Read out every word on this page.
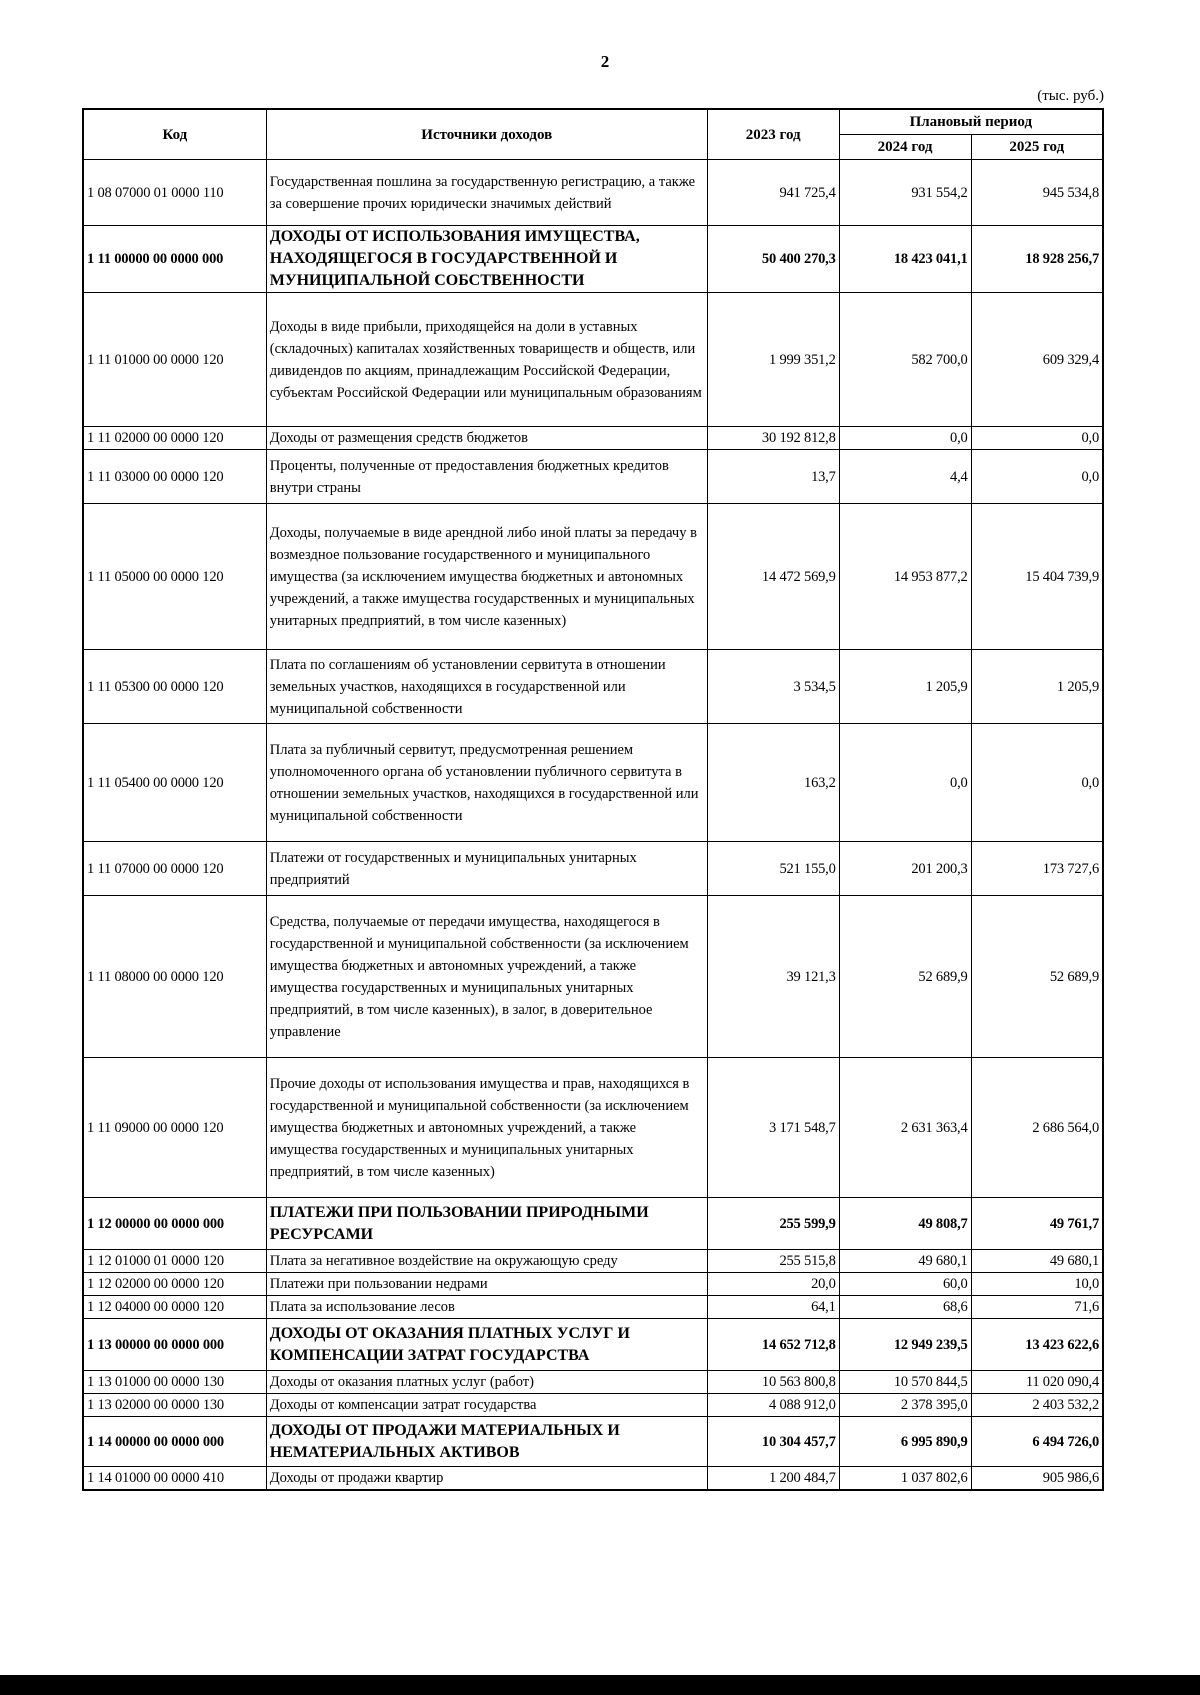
2
(тыс. руб.)
Код	Источники доходов	2023 год	Плановый период	
			2024 год	2025 год
1 08 07000 01 0000 110	Государственная пошлина за государственную регистрацию, а также за совершение прочих юридически значимых действий	941 725,4	931 554,2	945 534,8
1 11 00000 00 0000 000	ДОХОДЫ ОТ ИСПОЛЬЗОВАНИЯ ИМУЩЕСТВА, НАХОДЯЩЕГОСЯ В ГОСУДАРСТВЕННОЙ И МУНИЦИПАЛЬНОЙ СОБСТВЕННОСТИ	50 400 270,3	18 423 041,1	18 928 256,7
1 11 01000 00 0000 120	Доходы в виде прибыли, приходящейся на доли в уставных (складочных) капиталах хозяйственных товариществ и обществ, или дивидендов по акциям, принадлежащим Российской Федерации, субъектам Российской Федерации или муниципальным образованиям	1 999 351,2	582 700,0	609 329,4
1 11 02000 00 0000 120	Доходы от размещения средств бюджетов	30 192 812,8	0,0	0,0
1 11 03000 00 0000 120	Проценты, полученные от предоставления бюджетных кредитов внутри страны	13,7	4,4	0,0
1 11 05000 00 0000 120	Доходы, получаемые в виде арендной либо иной платы за передачу в возмездное пользование государственного и муниципального имущества (за исключением имущества бюджетных и автономных учреждений, а также имущества государственных и муниципальных унитарных предприятий, в том числе казенных)	14 472 569,9	14 953 877,2	15 404 739,9
1 11 05300 00 0000 120	Плата по соглашениям об установлении сервитута в отношении земельных участков, находящихся в государственной или муниципальной собственности	3 534,5	1 205,9	1 205,9
1 11 05400 00 0000 120	Плата за публичный сервитут, предусмотренная решением уполномоченного органа об установлении публичного сервитута в отношении земельных участков, находящихся в государственной или муниципальной собственности	163,2	0,0	0,0
1 11 07000 00 0000 120	Платежи от государственных и муниципальных унитарных предприятий	521 155,0	201 200,3	173 727,6
1 11 08000 00 0000 120	Средства, получаемые от передачи имущества, находящегося в государственной и муниципальной собственности (за исключением имущества бюджетных и автономных учреждений, а также имущества государственных и муниципальных унитарных предприятий, в том числе казенных), в залог, в доверительное управление	39 121,3	52 689,9	52 689,9
1 11 09000 00 0000 120	Прочие доходы от использования имущества и прав, находящихся в государственной и муниципальной собственности (за исключением имущества бюджетных и автономных учреждений, а также имущества государственных и муниципальных унитарных предприятий, в том числе казенных)	3 171 548,7	2 631 363,4	2 686 564,0
1 12 00000 00 0000 000	ПЛАТЕЖИ ПРИ ПОЛЬЗОВАНИИ ПРИРОДНЫМИ РЕСУРСАМИ	255 599,9	49 808,7	49 761,7
1 12 01000 01 0000 120	Плата за негативное воздействие на окружающую среду	255 515,8	49 680,1	49 680,1
1 12 02000 00 0000 120	Платежи при пользовании недрами	20,0	60,0	10,0
1 12 04000 00 0000 120	Плата за использование лесов	64,1	68,6	71,6
1 13 00000 00 0000 000	ДОХОДЫ ОТ ОКАЗАНИЯ ПЛАТНЫХ УСЛУГ И КОМПЕНСАЦИИ ЗАТРАТ ГОСУДАРСТВА	14 652 712,8	12 949 239,5	13 423 622,6
1 13 01000 00 0000 130	Доходы от оказания платных услуг (работ)	10 563 800,8	10 570 844,5	11 020 090,4
1 13 02000 00 0000 130	Доходы от компенсации затрат государства	4 088 912,0	2 378 395,0	2 403 532,2
1 14 00000 00 0000 000	ДОХОДЫ ОТ ПРОДАЖИ МАТЕРИАЛЬНЫХ И НЕМАТЕРИАЛЬНЫХ АКТИВОВ	10 304 457,7	6 995 890,9	6 494 726,0
1 14 01000 00 0000 410	Доходы от продажи квартир	1 200 484,7	1 037 802,6	905 986,6
